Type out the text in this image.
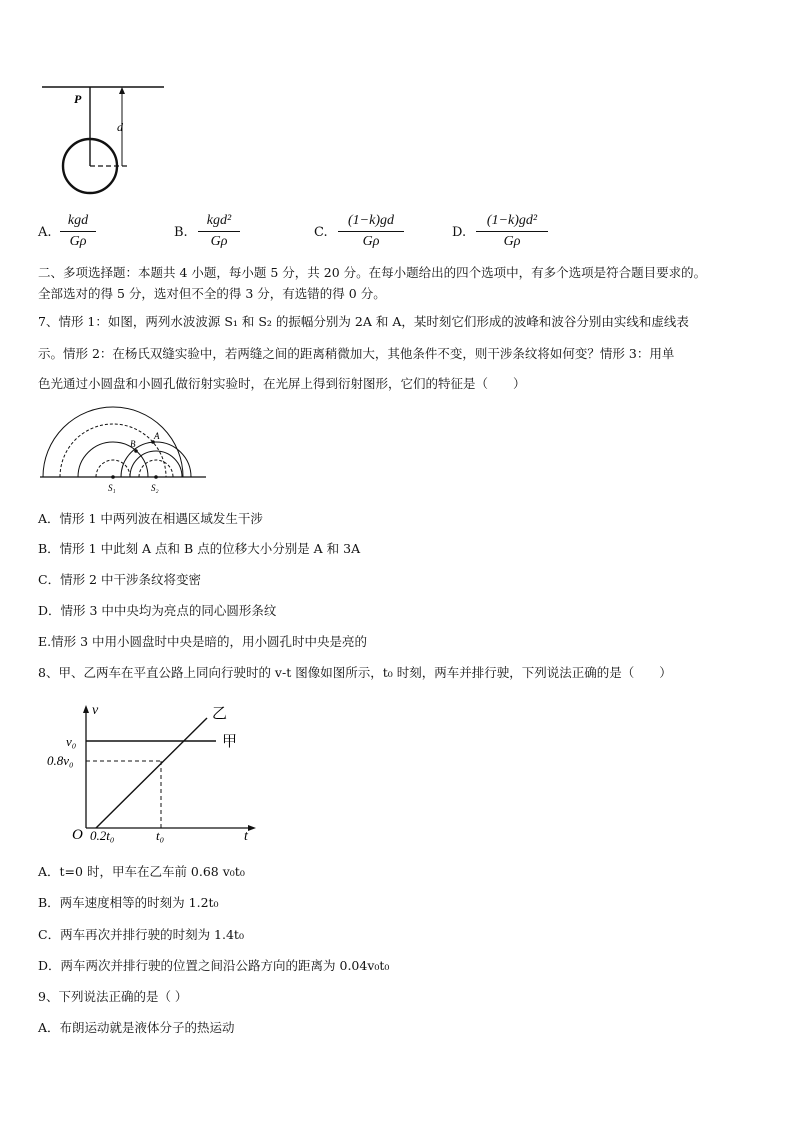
P
d
A.
kgd
Gρ
B.
kgd²
Gρ
C.
(1−k)gd
Gρ
D.
(1−k)gd²
Gρ
二、多项选择题：本题共 4 小题，每小题 5 分，共 20 分。在每小题给出的四个选项中，有多个选项是符合题目要求的。
全部选对的得 5 分，选对但不全的得 3 分，有选错的得 0 分。
7、情形 1：如图，两列水波波源 S₁ 和 S₂ 的振幅分别为 2A 和 A，某时刻它们形成的波峰和波谷分别由实线和虚线表
示。情形 2：在杨氏双缝实验中，若两缝之间的距离稍微加大，其他条件不变，则干涉条纹将如何变？情形 3：用单
色光通过小圆盘和小圆孔做衍射实验时，在光屏上得到衍射图形，它们的特征是（　　）
A
B
S₁	S₂
A．情形 1 中两列波在相遇区域发生干涉
B．情形 1 中此刻 A 点和 B 点的位移大小分别是 A 和 3A
C．情形 2 中干涉条纹将变密
D．情形 3 中中央均为亮点的同心圆形条纹
E.情形 3 中用小圆盘时中央是暗的，用小圆孔时中央是亮的
8、甲、乙两车在平直公路上同向行驶时的 v-t 图像如图所示，t₀ 时刻，两车并排行驶，下列说法正确的是（　　）
v
t
O
v₀
0.8v₀
0.2t₀	t₀
甲
乙
A．t=0 时，甲车在乙车前 0.68 v₀t₀
B．两车速度相等的时刻为 1.2t₀
C．两车再次并排行驶的时刻为 1.4t₀
D．两车两次并排行驶的位置之间沿公路方向的距离为 0.04v₀t₀
9、下列说法正确的是（ ）
A．布朗运动就是液体分子的热运动
